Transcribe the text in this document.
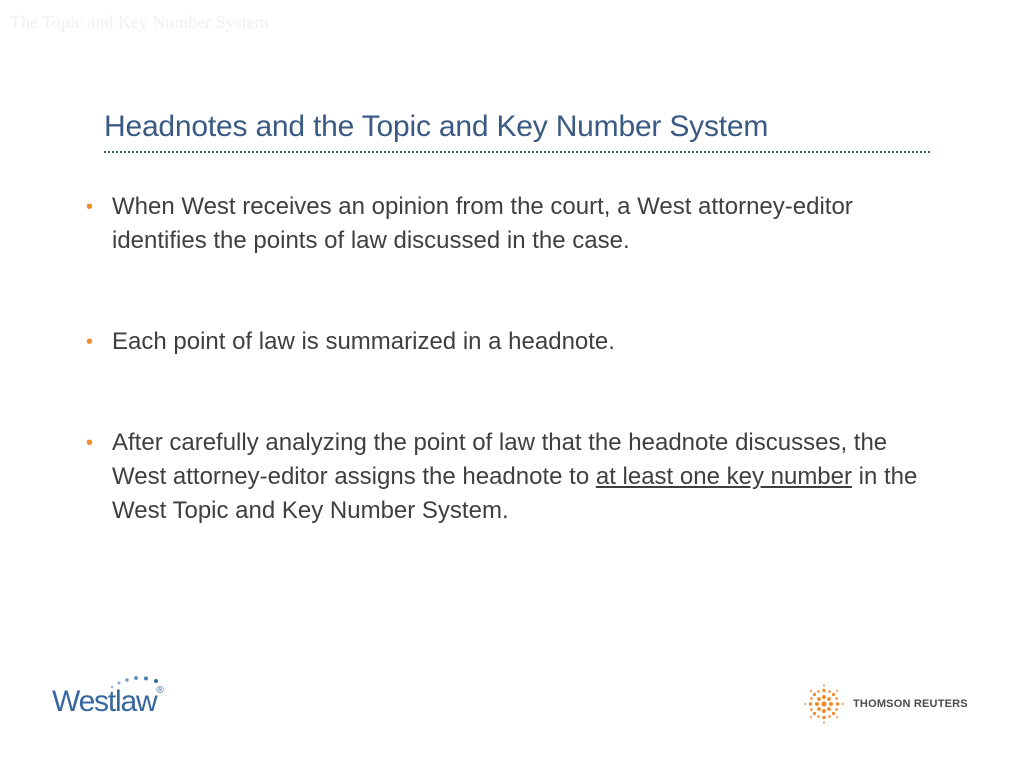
The Topic and Key Number System
Headnotes and the Topic and Key Number System
• When West receives an opinion from the court, a West attorney-editor identifies the points of law discussed in the case.
• Each point of law is summarized in a headnote.
• After carefully analyzing the point of law that the headnote discusses, the West attorney-editor assigns the headnote to at least one key number in the West Topic and Key Number System.
Westlaw®
THOMSON REUTERS
